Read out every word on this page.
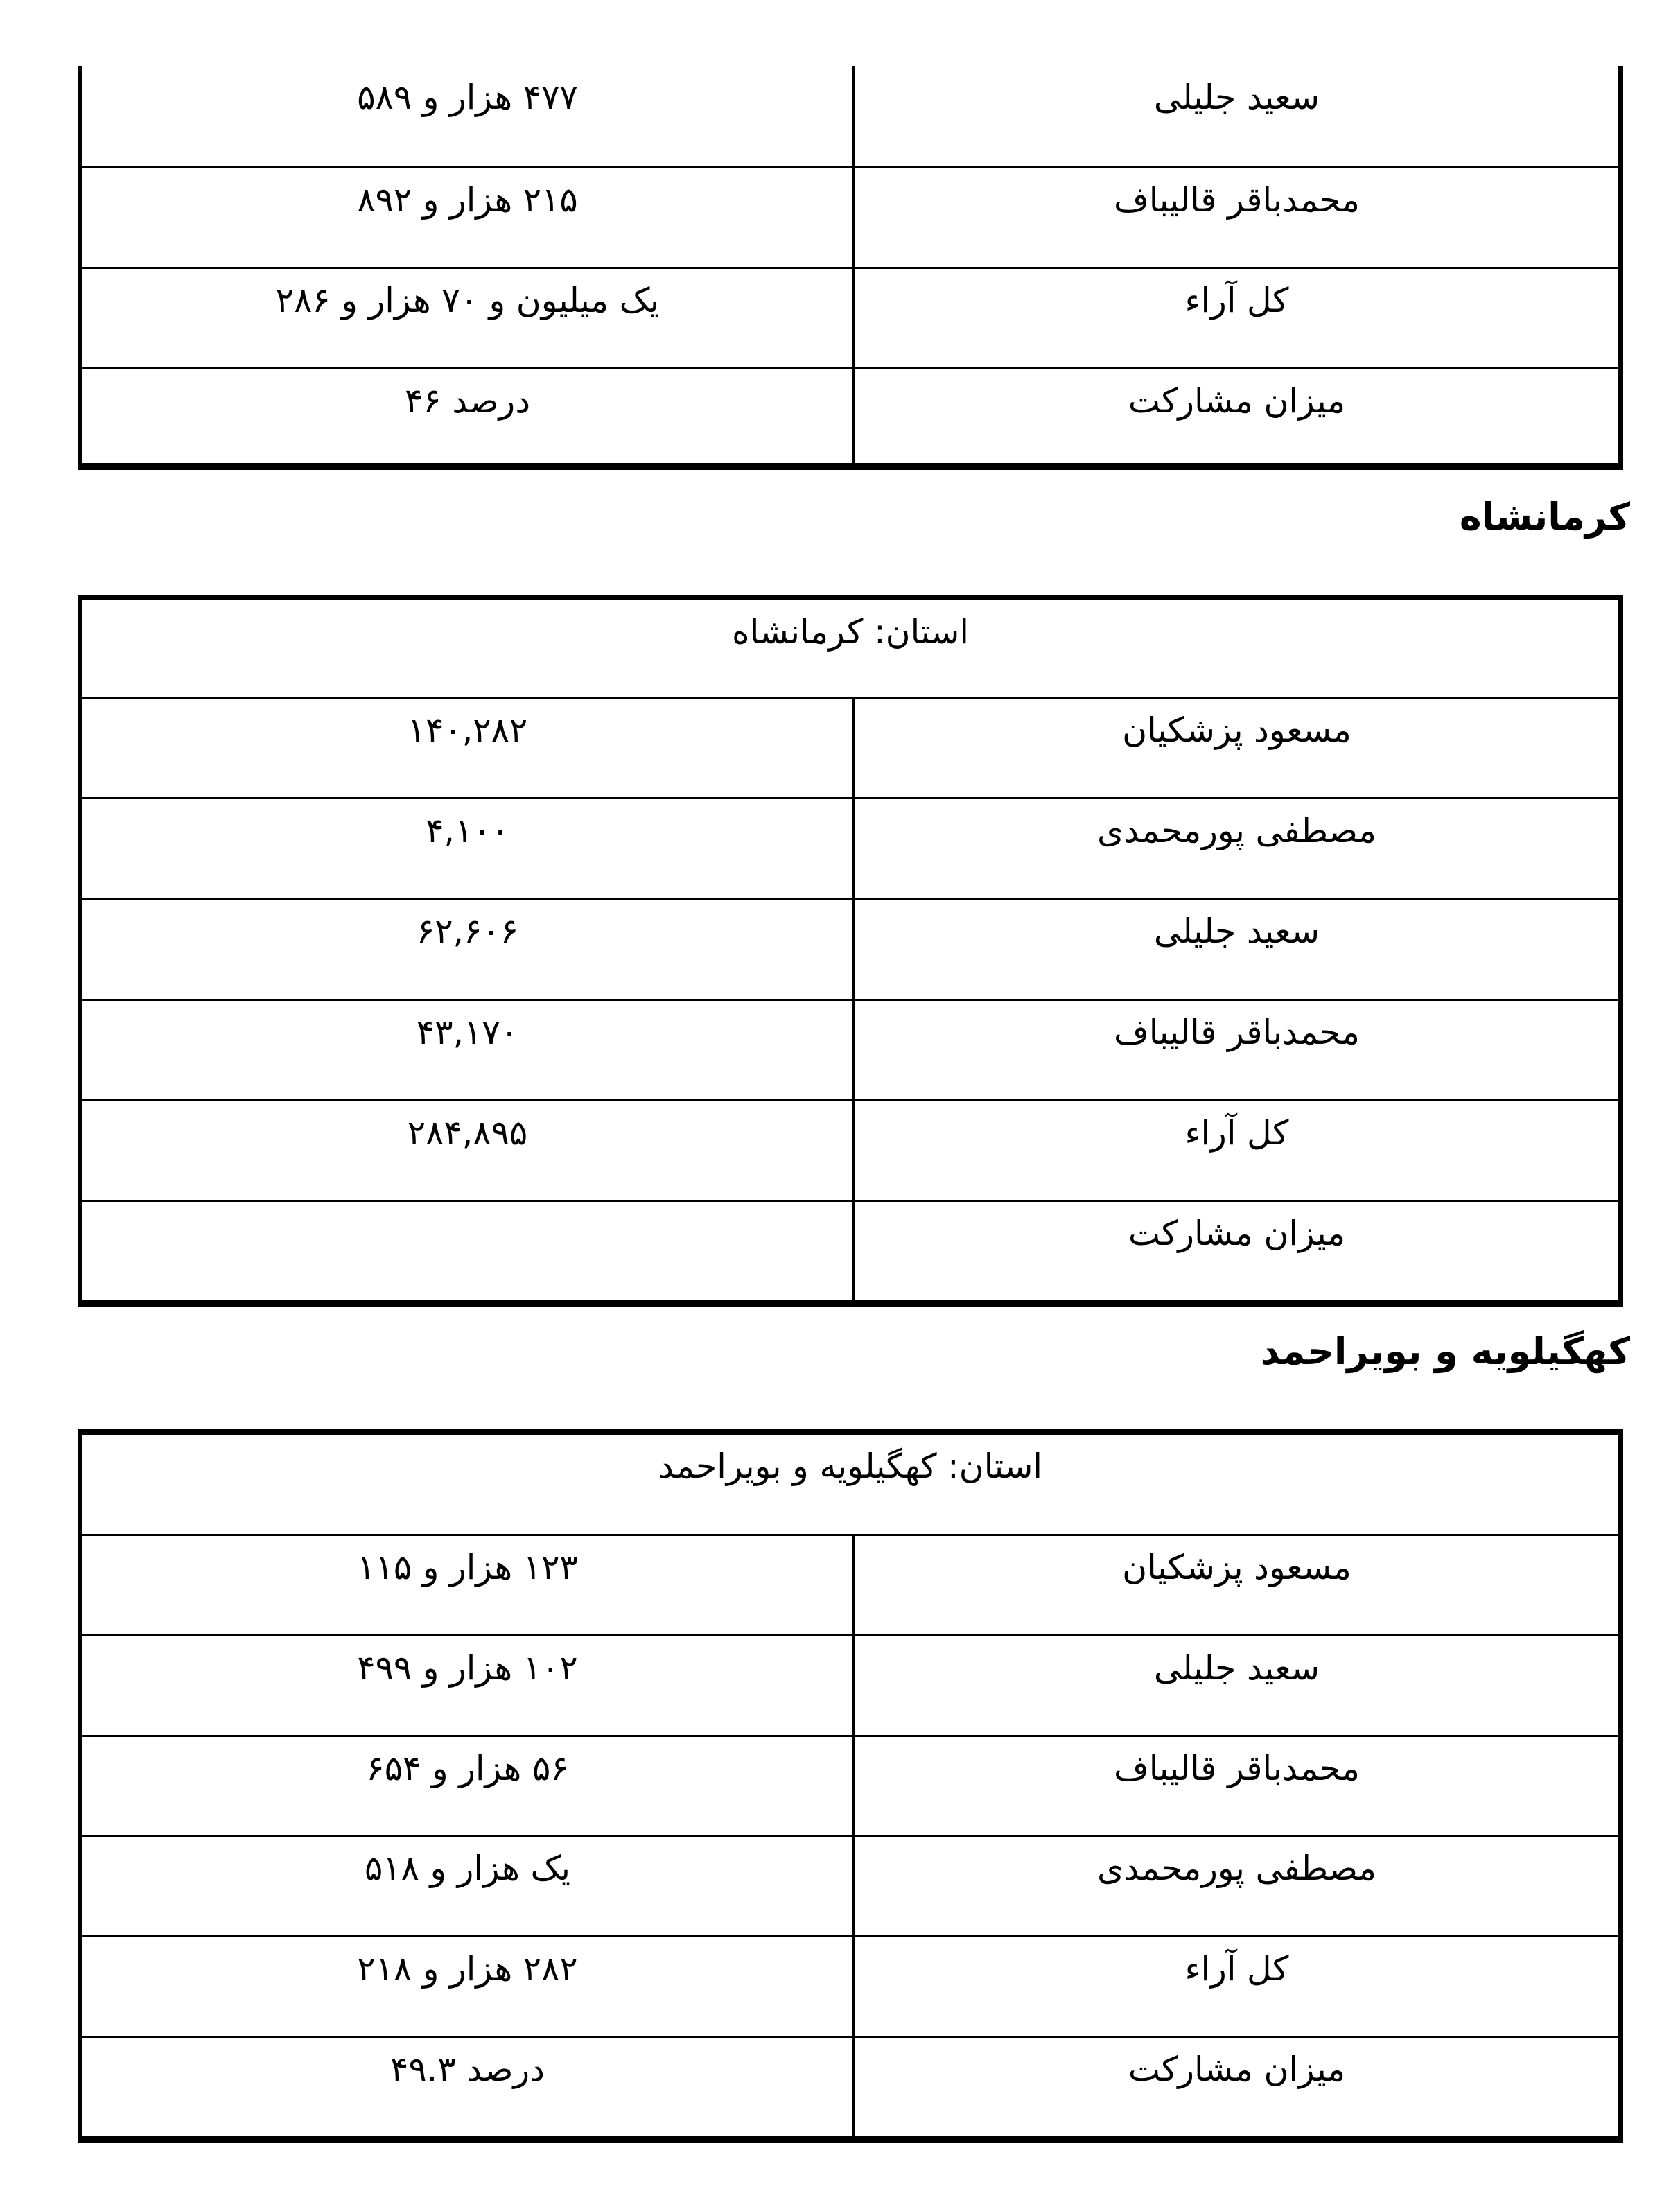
سعید جلیلی
۴۷۷ هزار و ۵۸۹
محمدباقر قالیباف
۲۱۵ هزار و ۸۹۲
کل آراء
یک میلیون و ۷۰ هزار و ۲۸۶
میزان مشارکت
درصد ۴۶
کرمانشاه
استان: کرمانشاه
مسعود پزشکیان
۱۴۰,۲۸۲
مصطفی پورمحمدی
۴,۱۰۰
سعید جلیلی
۶۲,۶۰۶
محمدباقر قالیباف
۴۳,۱۷۰
کل آراء
۲۸۴,۸۹۵
میزان مشارکت
کهگیلویه و بویراحمد
استان: کهگیلویه و بویراحمد
مسعود پزشکیان
۱۲۳ هزار و ۱۱۵
سعید جلیلی
۱۰۲ هزار و ۴۹۹
محمدباقر قالیباف
۵۶ هزار و ۶۵۴
مصطفی پورمحمدی
یک هزار و ۵۱۸
کل آراء
۲۸۲ هزار و ۲۱۸
میزان مشارکت
درصد ۴۹.۳
